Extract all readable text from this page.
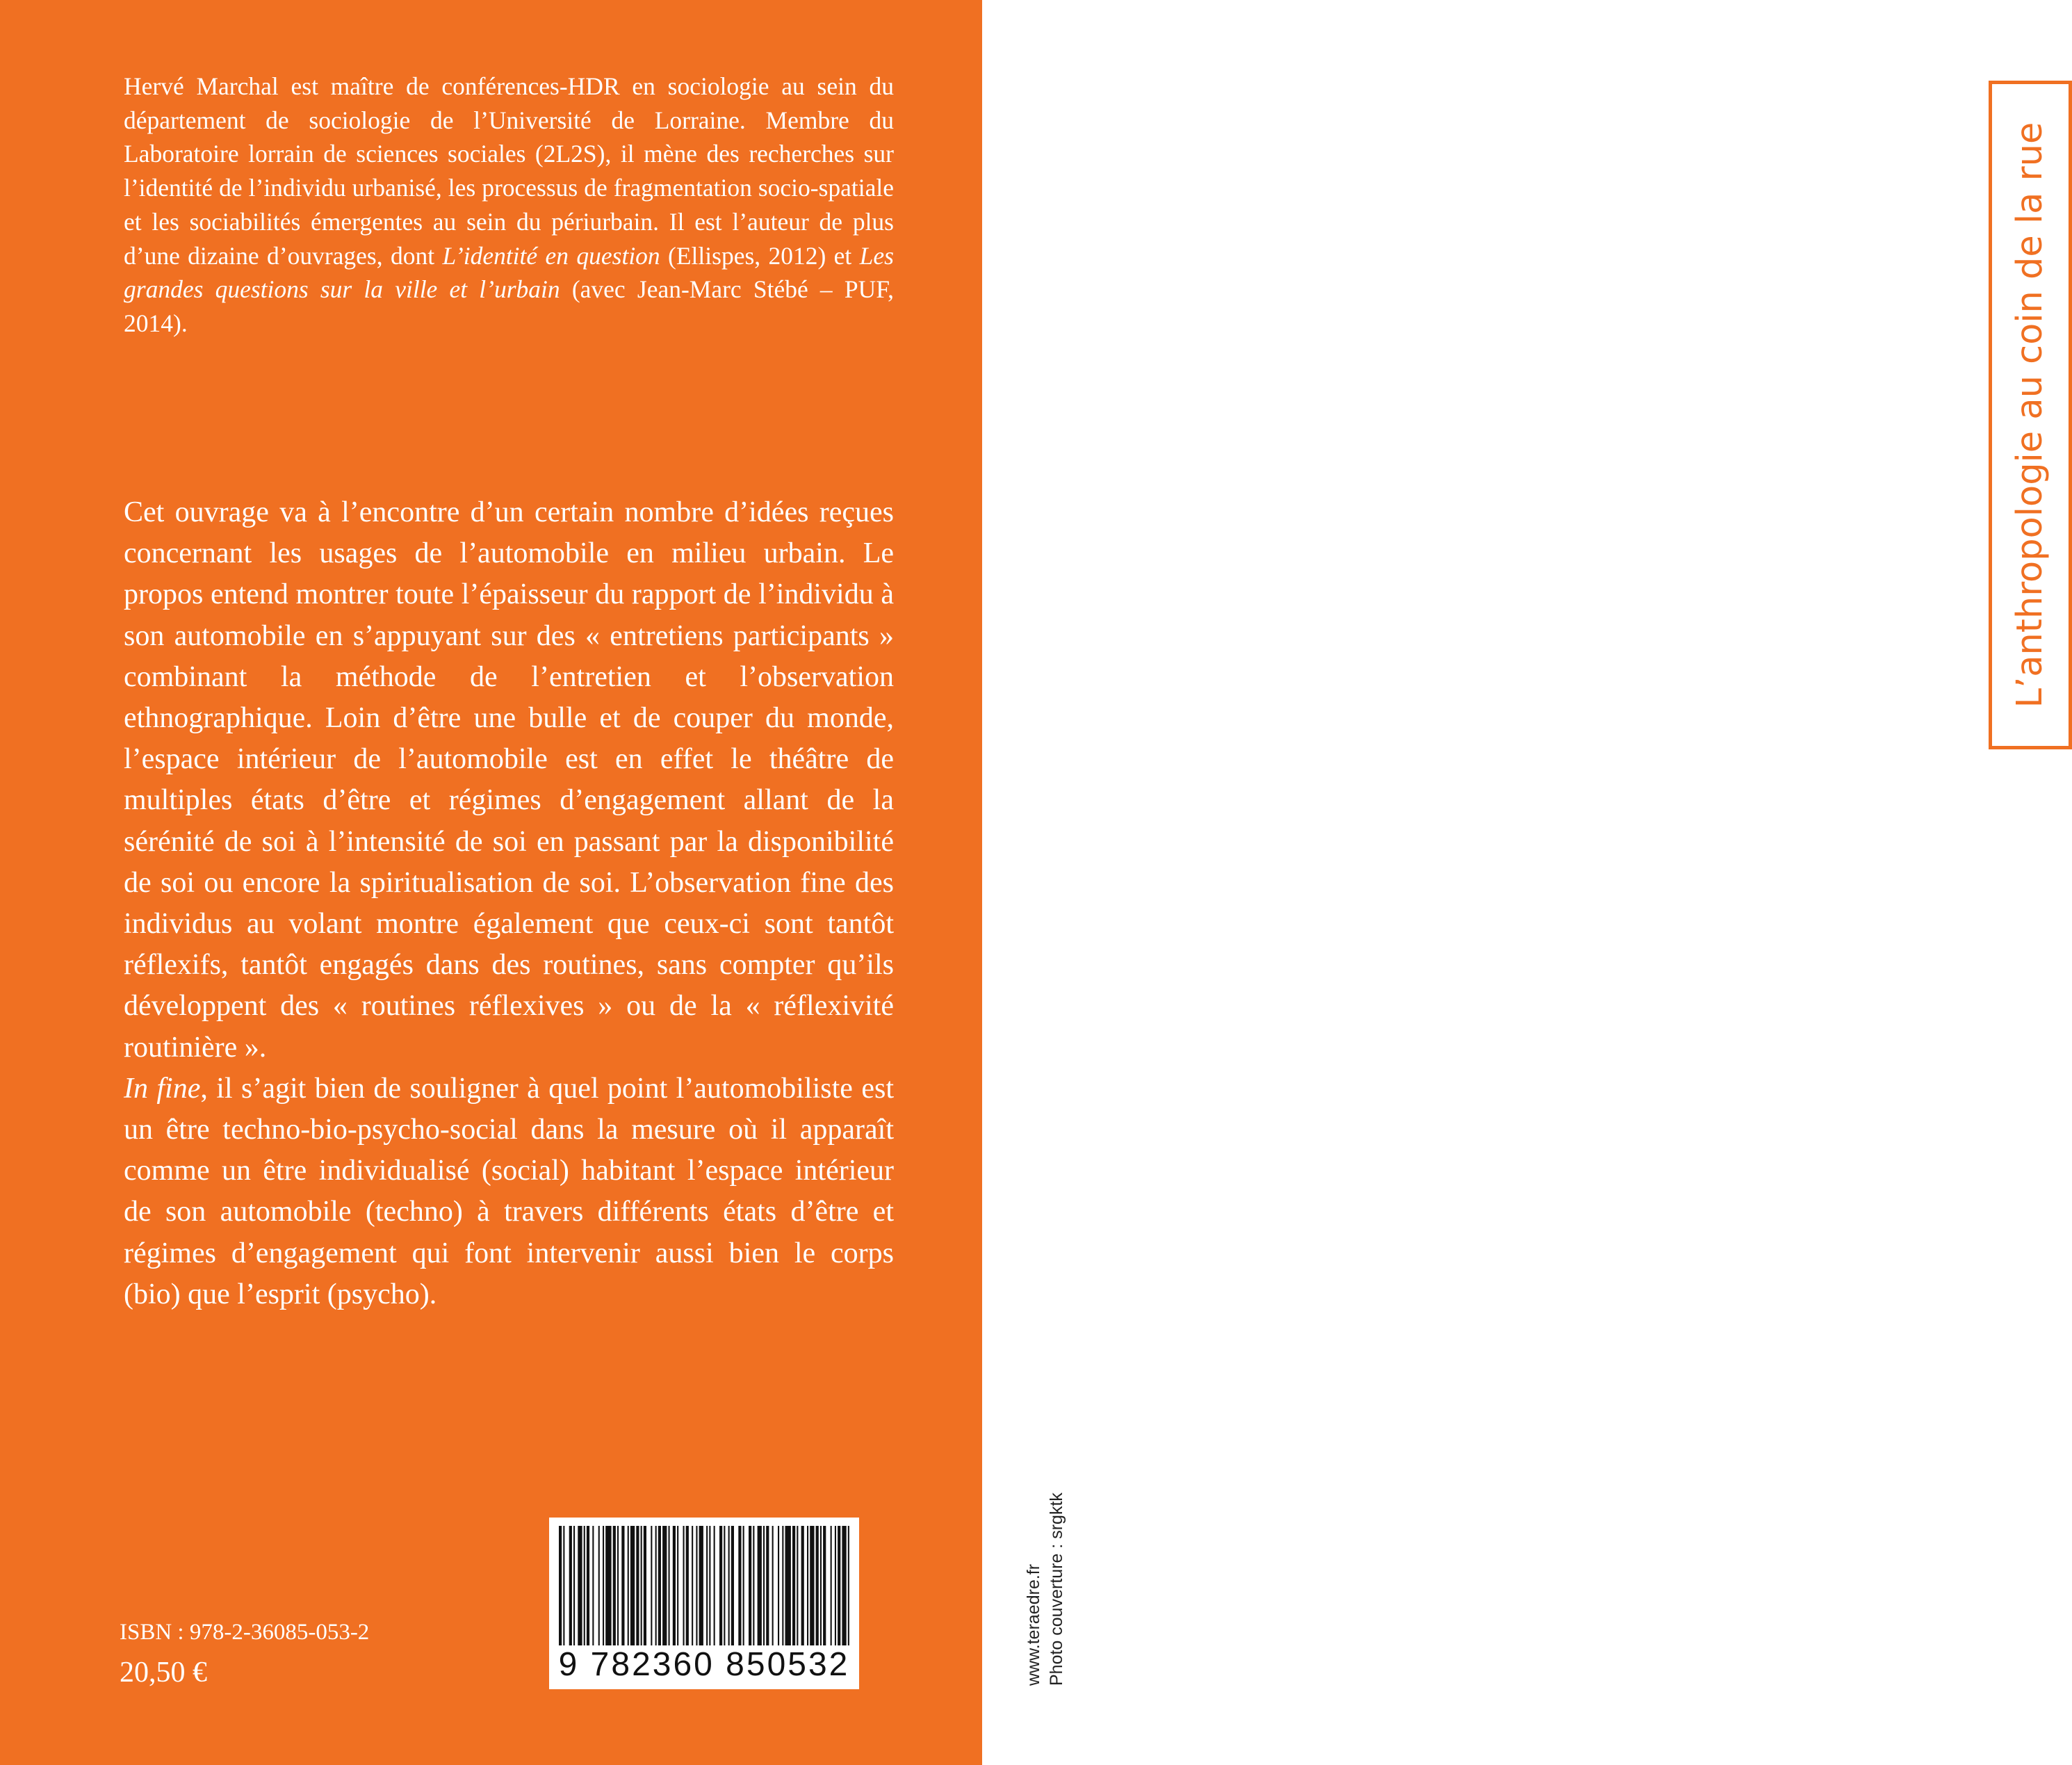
Hervé Marchal est maître de conférences-HDR en sociologie au sein du département de sociologie de l’Université de Lorraine. Membre du Laboratoire lorrain de sciences sociales (2L2S), il mène des recherches sur l’identité de l’individu urbanisé, les processus de fragmentation socio-spatiale et les sociabilités émergentes au sein du périurbain. Il est l’auteur de plus d’une dizaine d’ouvrages, dont L’identité en question (Ellispes, 2012) et Les grandes questions sur la ville et l’urbain (avec Jean-Marc Stébé – PUF, 2014).

Cet ouvrage va à l’encontre d’un certain nombre d’idées reçues concernant les usages de l’automobile en milieu urbain. Le propos entend montrer toute l’épaisseur du rapport de l’individu à son automobile en s’appuyant sur des « entretiens participants » combinant la méthode de l’entretien et l’observation ethnographique. Loin d’être une bulle et de couper du monde, l’espace intérieur de l’automobile est en effet le théâtre de multiples états d’être et régimes d’engagement allant de la sérénité de soi à l’intensité de soi en passant par la disponibilité de soi ou encore la spiritualisation de soi. L’observation fine des individus au volant montre également que ceux-ci sont tantôt réflexifs, tantôt engagés dans des routines, sans compter qu’ils développent des « routines réflexives » ou de la « réflexivité routinière ».

In fine, il s’agit bien de souligner à quel point l’automobiliste est un être techno-bio-psycho-social dans la mesure où il apparaît comme un être individualisé (social) habitant l’espace intérieur de son automobile (techno) à travers différents états d’être et régimes d’engagement qui font intervenir aussi bien le corps (bio) que l’esprit (psycho).

9 782360 850532
ISBN : 978-2-36085-053-2
20,50 €
L’anthropologie au coin de la rue
www.teraedre.fr Photo couverture : srgktk
